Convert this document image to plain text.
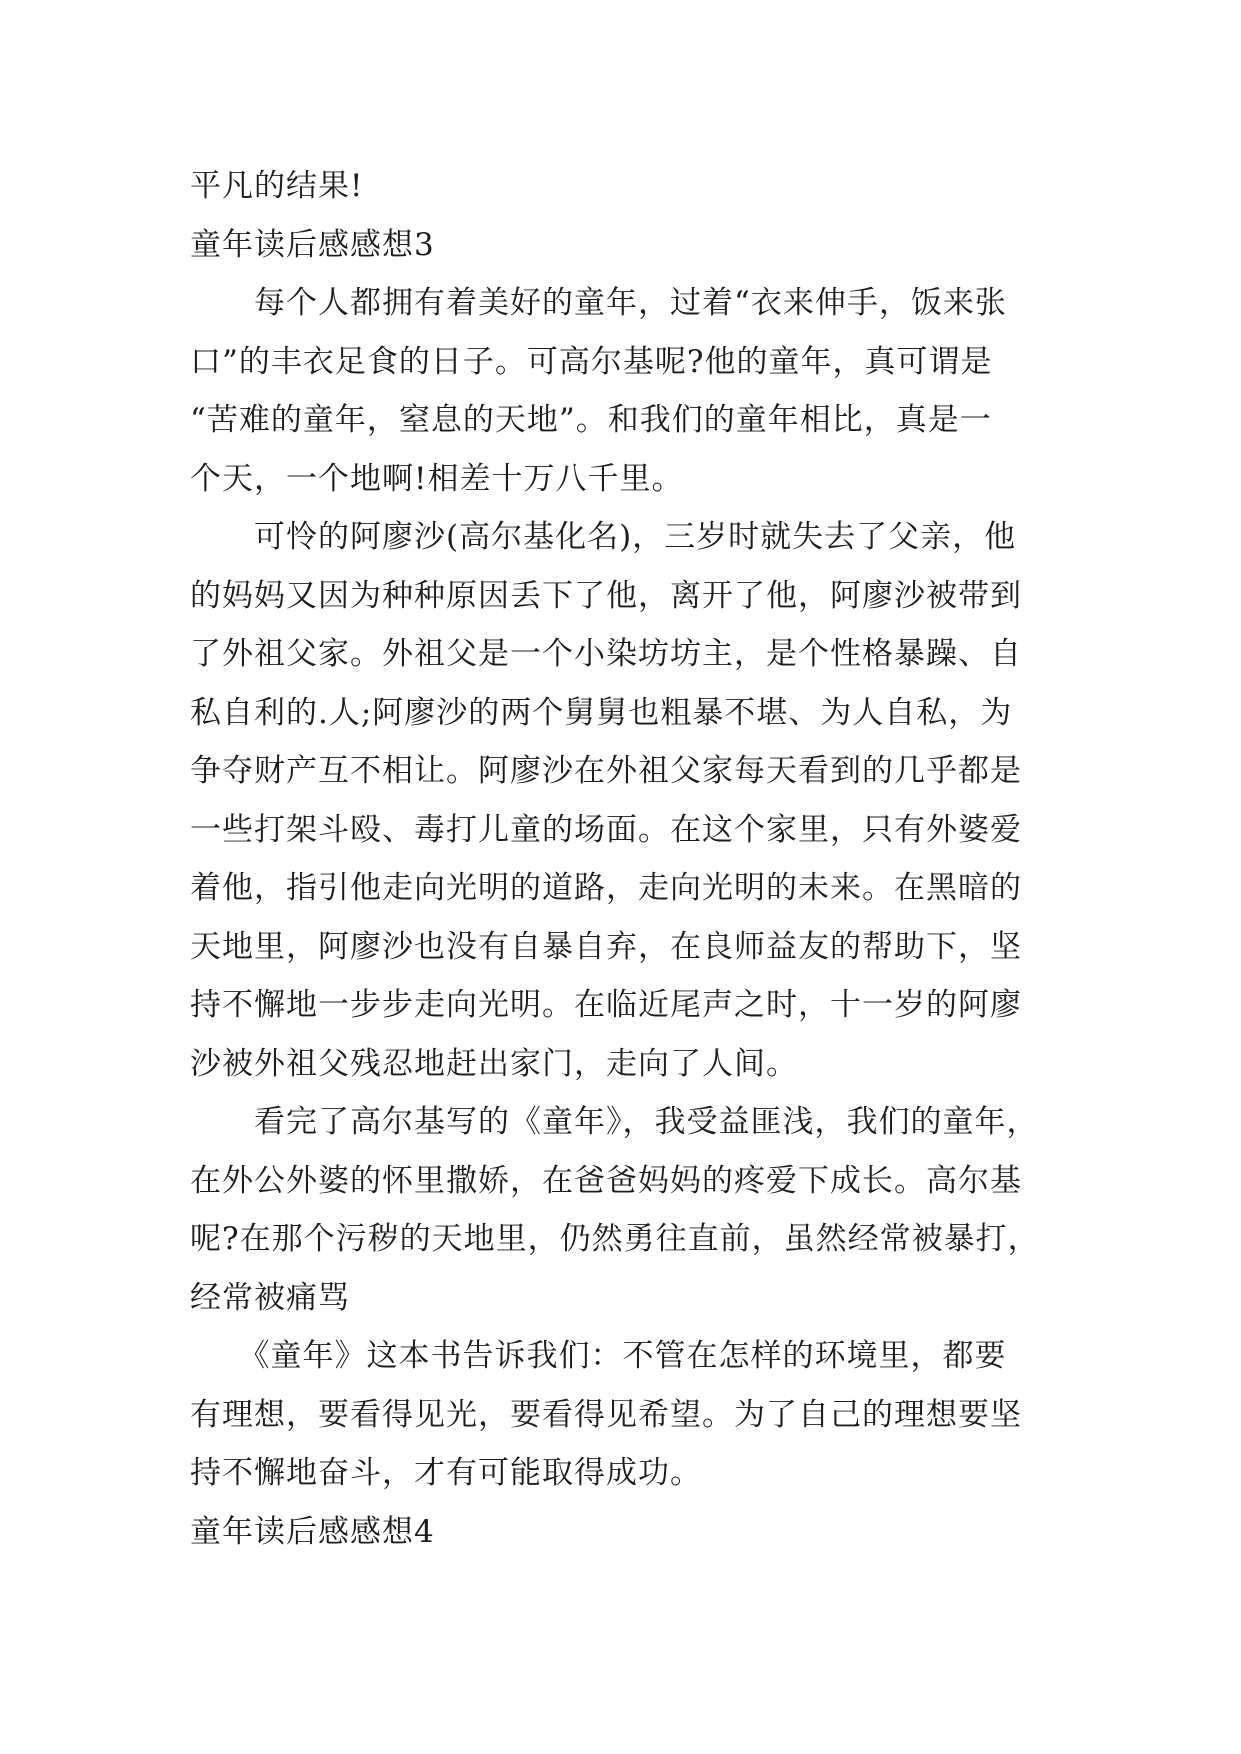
平凡的结果!
童年读后感感想3
　　每个人都拥有着美好的童年，过着“衣来伸手，饭来张
口”的丰衣足食的日子。可高尔基呢?他的童年，真可谓是
“苦难的童年，窒息的天地”。和我们的童年相比，真是一
个天，一个地啊!相差十万八千里。
　　可怜的阿廖沙(高尔基化名)，三岁时就失去了父亲，他
的妈妈又因为种种原因丢下了他，离开了他，阿廖沙被带到
了外祖父家。外祖父是一个小染坊坊主，是个性格暴躁、自
私自利的.人;阿廖沙的两个舅舅也粗暴不堪、为人自私，为
争夺财产互不相让。阿廖沙在外祖父家每天看到的几乎都是
一些打架斗殴、毒打儿童的场面。在这个家里，只有外婆爱
着他，指引他走向光明的道路，走向光明的未来。在黑暗的
天地里，阿廖沙也没有自暴自弃，在良师益友的帮助下，坚
持不懈地一步步走向光明。在临近尾声之时，十一岁的阿廖
沙被外祖父残忍地赶出家门，走向了人间。
　　看完了高尔基写的《童年》，我受益匪浅，我们的童年，
在外公外婆的怀里撒娇，在爸爸妈妈的疼爱下成长。高尔基
呢?在那个污秽的天地里，仍然勇往直前，虽然经常被暴打，
经常被痛骂
　　《童年》这本书告诉我们：不管在怎样的环境里，都要
有理想，要看得见光，要看得见希望。为了自己的理想要坚
持不懈地奋斗，才有可能取得成功。
童年读后感感想4
